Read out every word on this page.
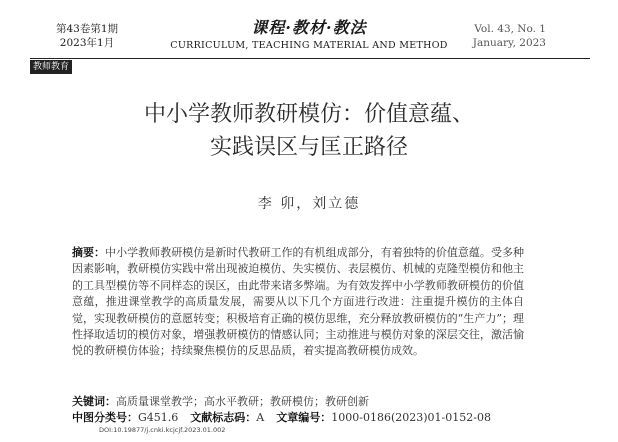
第43卷第1期
2023年1月
课程·教材·教法
CURRICULUM, TEACHING MATERIAL AND METHOD
Vol. 43, No. 1
January, 2023
教师教育
中小学教师教研模仿：价值意蕴、
实践误区与匡正路径
李 卯，刘立德
摘要：中小学教师教研模仿是新时代教研工作的有机组成部分，有着独特的价值意蕴。受多种因素影响，教研模仿实践中常出现被迫模仿、失实模仿、表层模仿、机械的克隆型模仿和他主的工具型模仿等不同样态的误区，由此带来诸多弊端。为有效发挥中小学教师教研模仿的价值意蕴，推进课堂教学的高质量发展，需要从以下几个方面进行改进：注重提升模仿的主体自觉，实现教研模仿的意愿转变；积极培育正确的模仿思维，充分释放教研模仿的“生产力”；理性择取适切的模仿对象，增强教研模仿的情感认同；主动推进与模仿对象的深层交往，激活愉悦的教研模仿体验；持续聚焦模仿的反思品质，着实提高教研模仿成效。
关键词：高质量课堂教学；高水平教研；教研模仿；教研创新
中图分类号：G451.6 文献标志码：A 文章编号：1000-0186(2023)01-0152-08
DOI:10.19877/j.cnki.kcjcjf.2023.01.002
